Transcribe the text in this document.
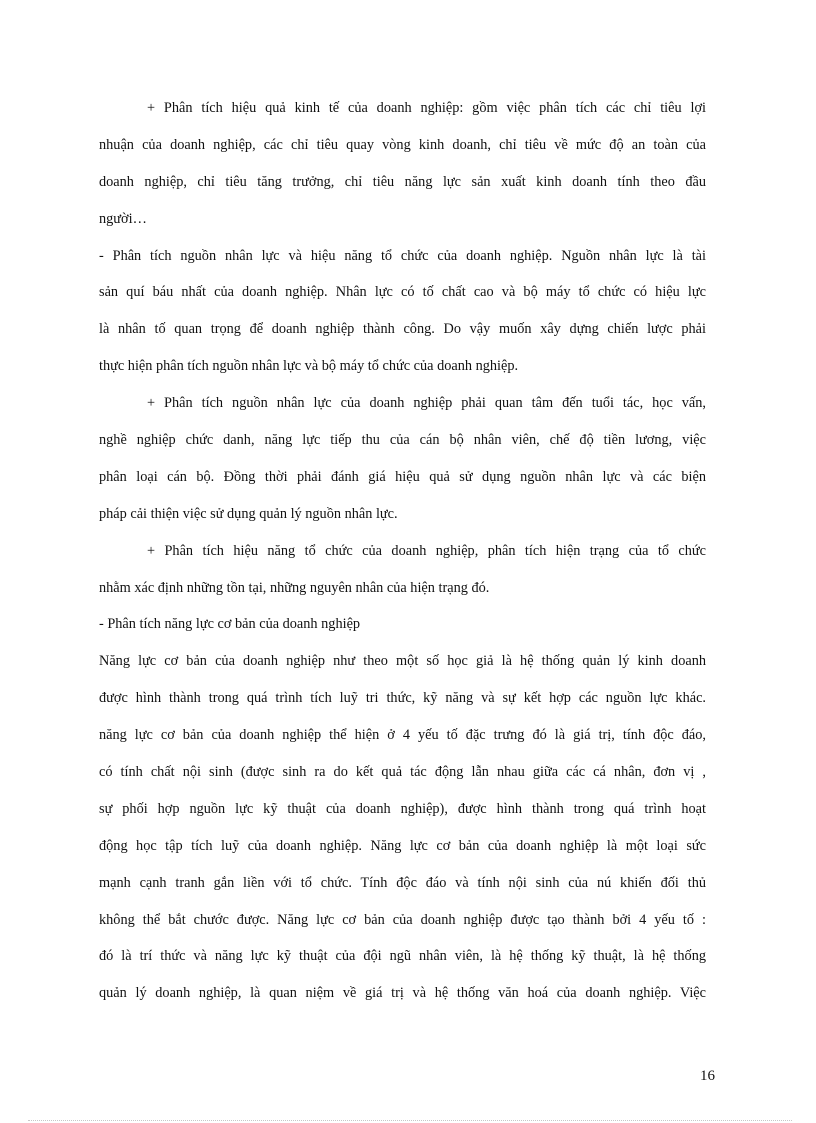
+ Phân tích hiệu quả kinh tế của doanh nghiệp: gồm việc phân tích các chỉ tiêu lợi
nhuận của doanh nghiệp, các chỉ tiêu quay vòng kinh doanh, chỉ tiêu về mức độ an toàn của
doanh nghiệp, chỉ tiêu tăng trưởng, chỉ tiêu năng lực sản xuất kinh doanh tính theo đầu
người…
- Phân tích nguồn nhân lực và hiệu năng tổ chức của doanh nghiệp. Nguồn nhân lực là tài
sản quí báu nhất của doanh nghiệp. Nhân lực có tố chất cao và bộ máy tổ chức có hiệu lực
là nhân tố quan trọng để doanh nghiệp thành công. Do vậy muốn xây dựng chiến lược phải
thực hiện phân tích nguồn nhân lực và bộ máy tổ chức của doanh nghiệp.
+ Phân tích nguồn nhân lực của doanh nghiệp phải quan tâm đến tuổi tác, học vấn,
nghề nghiệp chức danh, năng lực tiếp thu của cán bộ nhân viên, chế độ tiền lương, việc
phân loại cán bộ. Đồng thời phải đánh giá hiệu quả sử dụng nguồn nhân lực và các biện
pháp cải thiện việc sử dụng quản lý nguồn nhân lực.
+ Phân tích hiệu năng tổ chức của doanh nghiệp, phân tích hiện trạng của tổ chức
nhằm xác định những tồn tại, những nguyên nhân của hiện trạng đó.
- Phân tích năng lực cơ bản của doanh nghiệp
Năng lực cơ bản của doanh nghiệp như theo một số học giả là hệ thống quản lý kinh doanh
được hình thành trong quá trình tích luỹ tri thức, kỹ năng và sự kết hợp các nguồn lực khác.
năng lực cơ bản của doanh nghiệp thể hiện ở 4 yếu tố đặc trưng đó là giá trị, tính độc đáo,
có tính chất nội sinh (được sinh ra do kết quả tác động lẫn nhau giữa các cá nhân, đơn vị ,
sự phối hợp nguồn lực kỹ thuật của doanh nghiệp), được hình thành trong quá trình hoạt
động học tập tích luỹ của doanh nghiệp. Năng lực cơ bản của doanh nghiệp là một loại sức
mạnh cạnh tranh gắn liền với tổ chức. Tính độc đáo và tính nội sinh của nú khiến đối thủ
không thể bắt chước được. Năng lực cơ bản của doanh nghiệp được tạo thành bởi 4 yếu tố :
đó là trí thức và năng lực kỹ thuật của đội ngũ nhân viên, là hệ thống kỹ thuật, là hệ thống
quản lý doanh nghiệp, là quan niệm về giá trị và hệ thống văn hoá của doanh nghiệp. Việc
16
